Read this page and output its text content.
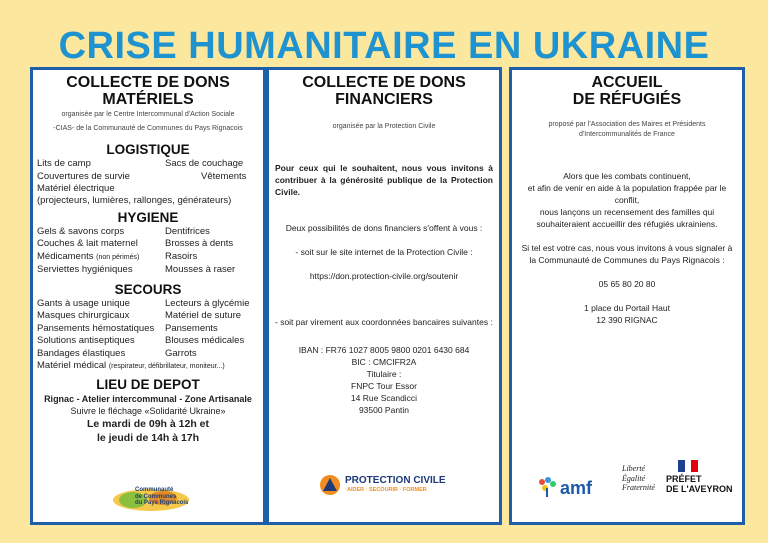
CRISE HUMANITAIRE EN UKRAINE
COLLECTE DE DONS
MATÉRIELS
organisée par le Centre Intercommunal d'Action Sociale
-CIAS- de la Communauté de Communes du Pays Rignacois
LOGISTIQUE
Lits de camp	Sacs de couchage
Couvertures de survie	Vêtements
Matériel électrique
(projecteurs, lumières, rallonges, générateurs)
HYGIENE
Gels & savons corps	Dentifrices
Couches & lait maternel	Brosses à dents
Médicaments (non périmés)	Rasoirs
Serviettes hygiéniques	Mousses à raser
SECOURS
Gants à usage unique	Lecteurs à glycémie
Masques chirurgicaux	Matériel de suture
Pansements hémostatiques	Pansements
Solutions antiseptiques	Blouses médicales
Bandages élastiques	Garrots
Matériel médical (respirateur, défibrillateur, moniteur...)
LIEU DE DEPOT
Rignac - Atelier intercommunal - Zone Artisanale
Suivre le fléchage «Solidarité Ukraine»
Le mardi de 09h à 12h et
le jeudi de 14h à 17h
Communauté
de Communes
du Pays Rignacois
COLLECTE DE DONS
FINANCIERS
organisée par la Protection Civile
Pour ceux qui le souhaitent, nous vous invitons à contribuer à la générosité publique de la Protection Civile.
Deux possibilités de dons financiers s'offent à vous :
- soit sur le site internet de la Protection Civile :
https://don.protection-civile.org/soutenir
- soit par virement aux coordonnées bancaires suivantes :
IBAN : FR76 1027 8005 9800 0201 6430 684
BIC : CMCIFR2A
Titulaire :
FNPC Tour Essor
14 Rue Scandicci
93500 Pantin
PROTECTION CIVILE
AIDER · SECOURIR · FORMER
ACCUEIL
DE RÉFUGIÉS
proposé par l'Association des Maires et Présidents
d'Intercommunalités de France
Alors que les combats continuent,
et afin de venir en aide à la population frappée par le conflit,
nous lançons un recensement des familles qui souhaiteraient accueillir des réfugiés ukrainiens.
Si tel est votre cas, nous vous invitons à vous signaler à la Communauté de Communes du Pays Rignacois :
05 65 80 20 80
1 place du Portail Haut
12 390 RIGNAC
amf
Liberté
Égalité
Fraternité
PRÉFET
DE L'AVEYRON
